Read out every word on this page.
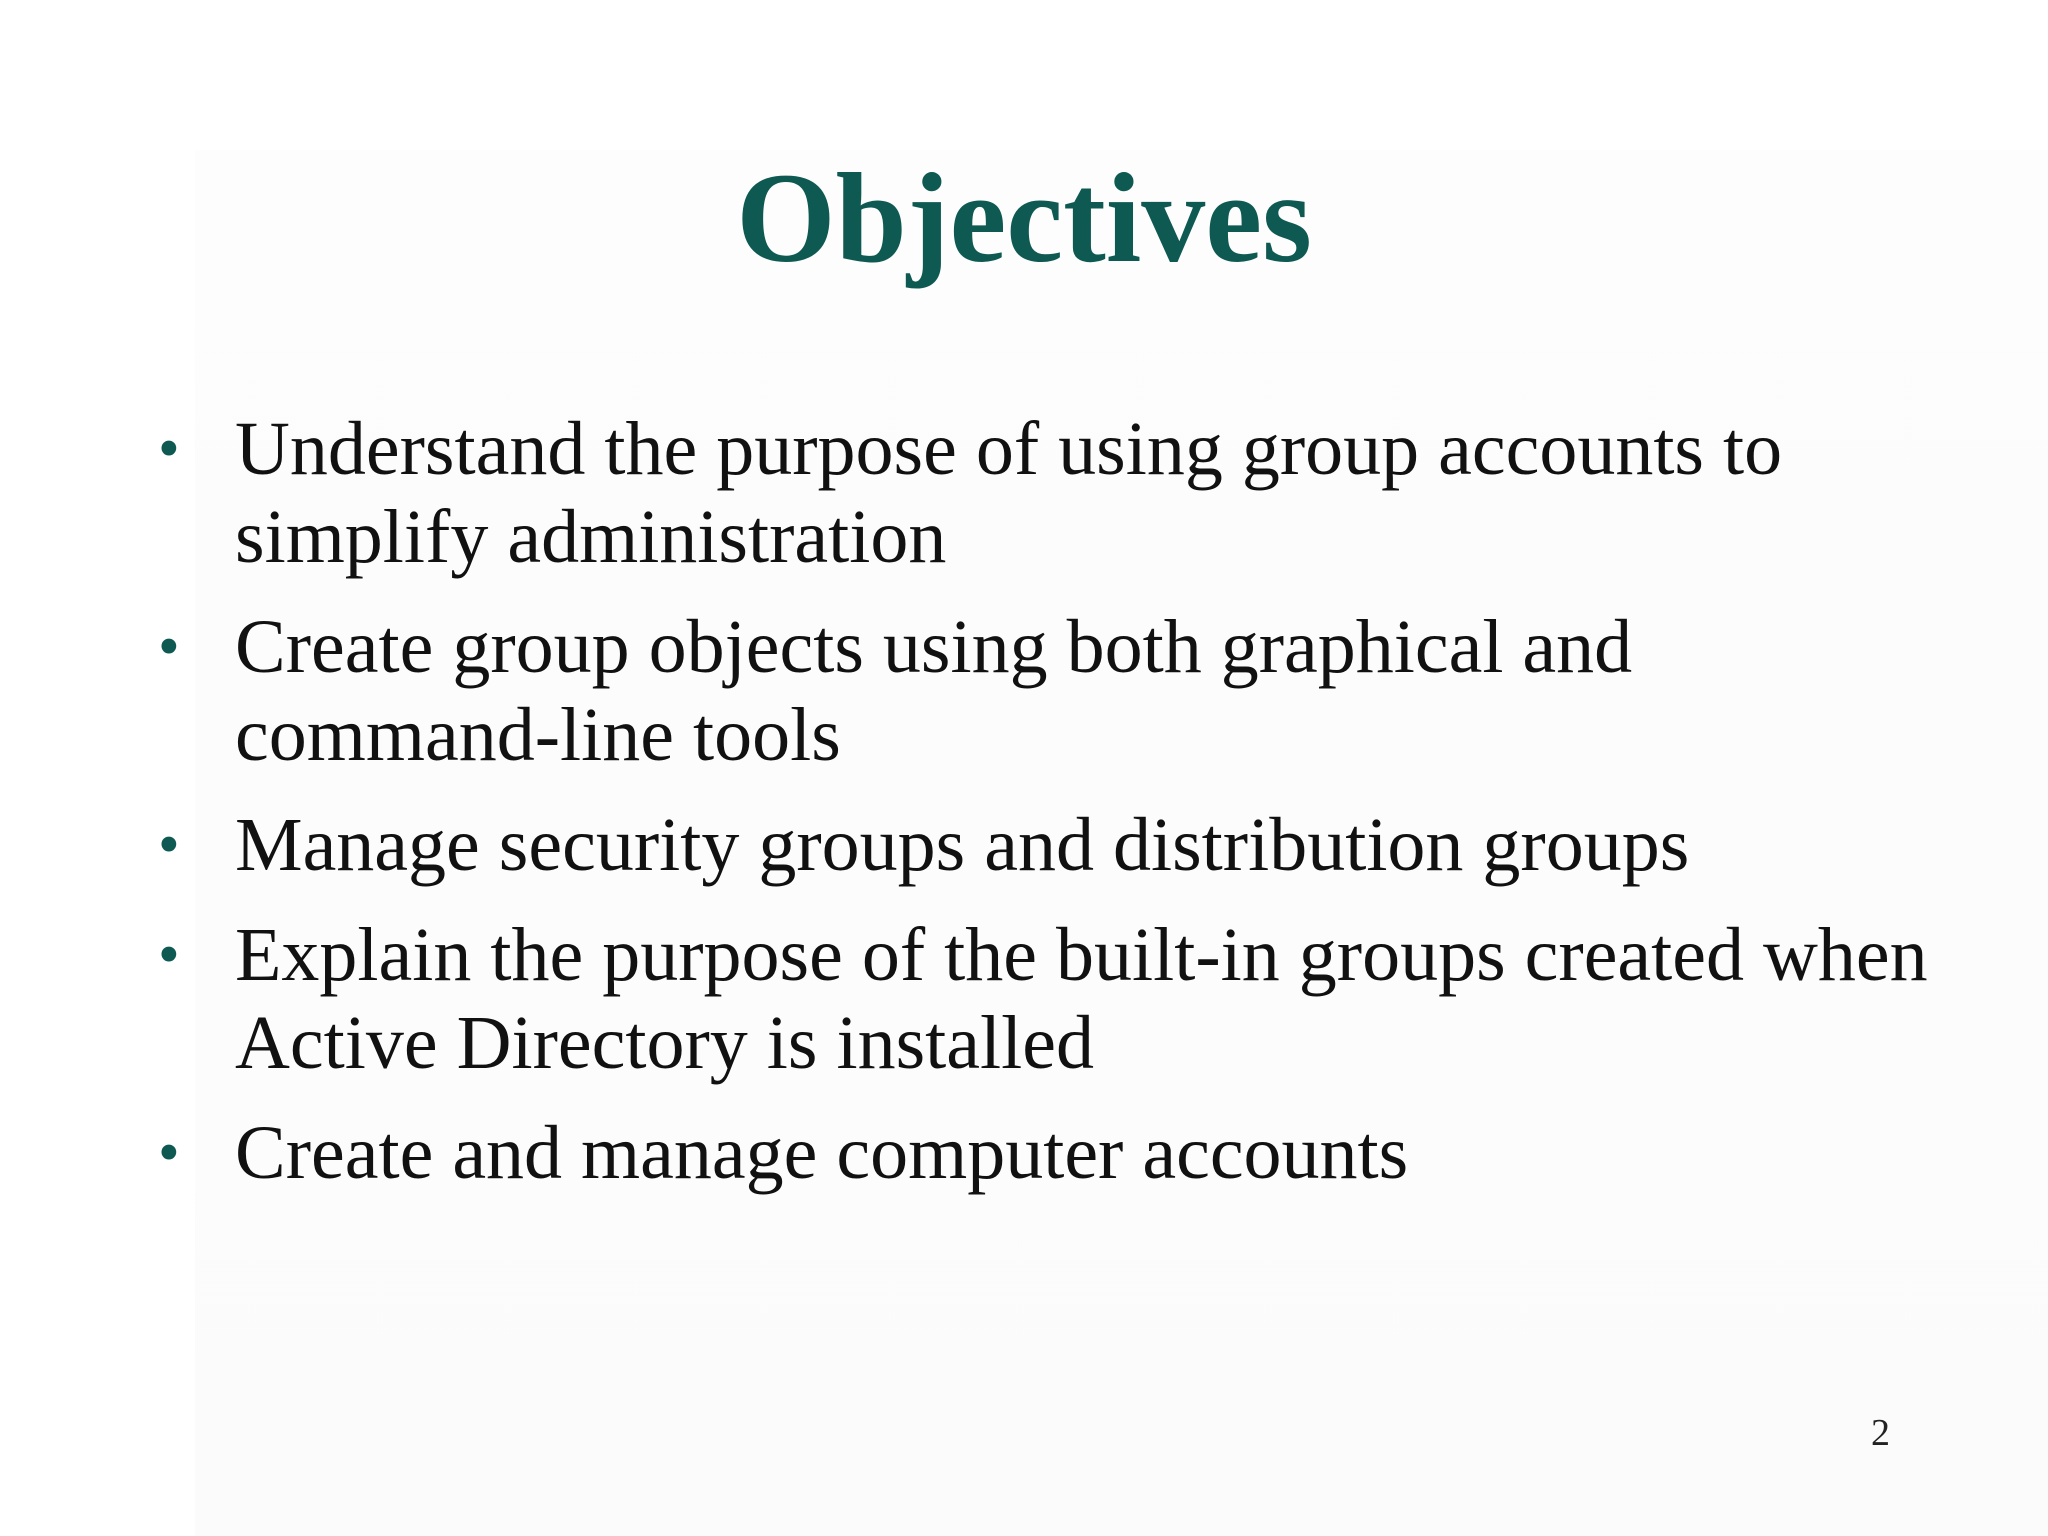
Objectives
• Understand the purpose of using group accounts to simplify administration
• Create group objects using both graphical and command-line tools
• Manage security groups and distribution groups
• Explain the purpose of the built-in groups created when Active Directory is installed
• Create and manage computer accounts
2
